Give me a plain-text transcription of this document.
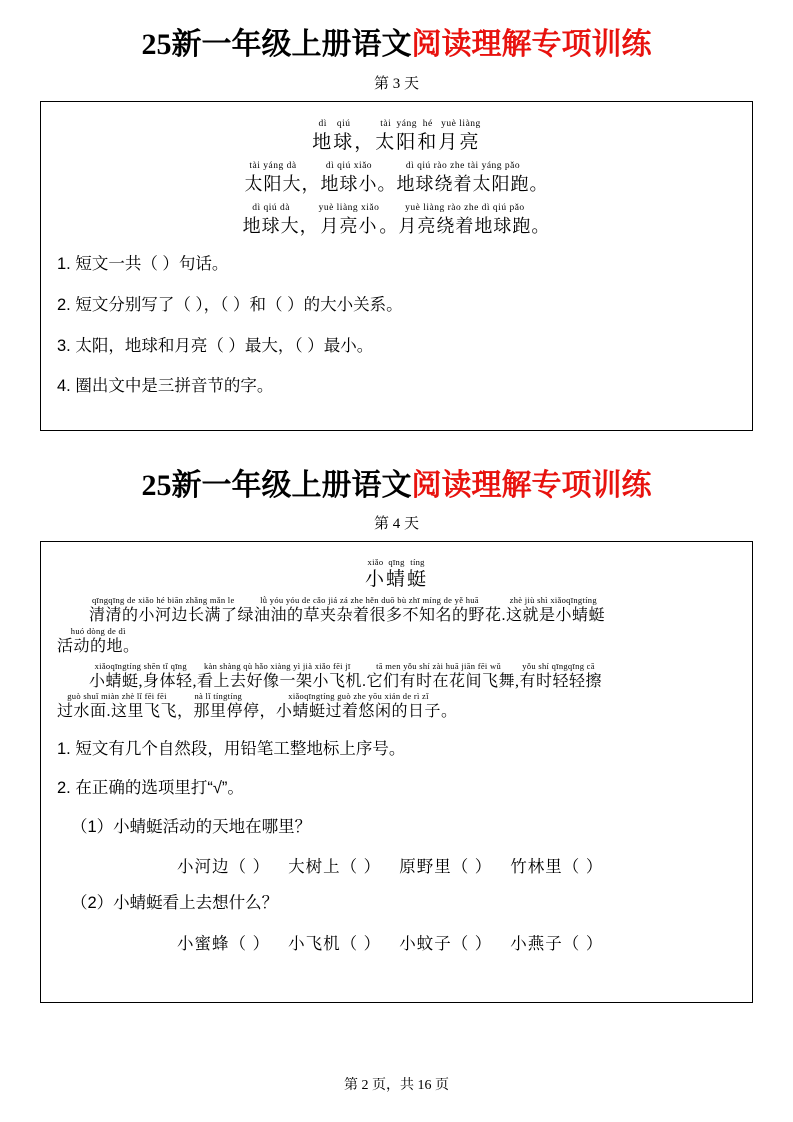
25新一年级上册语文阅读理解专项训练
第 3 天
dì
地
qiú
球 ，
tài
太
yáng
阳
hé
和
yuè
月
liàng
亮
tài yáng dà
太阳大 ，
dì qiú xiǎo
地球小 。
dì qiú rào zhe tài yáng pǎo
地球绕着太阳跑 。
dì qiú dà
地球大 ，
yuè liàng xiǎo
月亮小 。
yuè liàng rào zhe dì qiú pǎo
月亮绕着地球跑 。
1. 短文一共（ ）句话。
2. 短文分别写了（ ），（ ）和（ ）的大小关系。
3. 太阳，地球和月亮（ ）最大，（ ）最小。
4. 圈出文中是三拼音节的字。
25新一年级上册语文阅读理解专项训练
第 4 天
xiǎo
小
qīng
蜻
tíng
蜓
qīngqīng de xiǎo hé biān zhǎng mǎn le
清清的小河边长满了
lǜ yóu yóu de cǎo jiá zá zhe hěn duō bù zhī míng de yě huā
绿油油的草夹杂着很多不知名的野花
zhè jiù shì xiǎoqīngtíng
.这就是小蜻蜓
huó dòng de dì
活动的地。
xiǎoqīngtíng shēn tǐ qīng
小蜻蜓,身体轻
kàn shàng qù hǎo xiàng yì jià xiǎo fēi jī
,看上去好像一架小飞机
tā men yǒu shí zài huā jiān fēi wǔ
.它们有时在花间飞舞
yǒu shí qīngqīng cā
,有时轻轻擦
guò shuǐ miàn zhè lǐ fēi fēi
过水面.这里飞飞
nà lǐ tíngtíng
，那里停停
xiǎoqīngtíng guò zhe yōu xián de rì zǐ
，小蜻蜓过着悠闲的日子。
1. 短文有几个自然段，用铅笔工整地标上序号。
2. 在正确的选项里打“√”。
（1）小蜻蜓活动的天地在哪里？
小河边（ ） 大树上（ ） 原野里（ ） 竹林里（ ）
（2）小蜻蜓看上去想什么？
小蜜蜂（ ） 小飞机（ ） 小蚊子（ ） 小燕子（ ）
第 2 页，共 16 页
